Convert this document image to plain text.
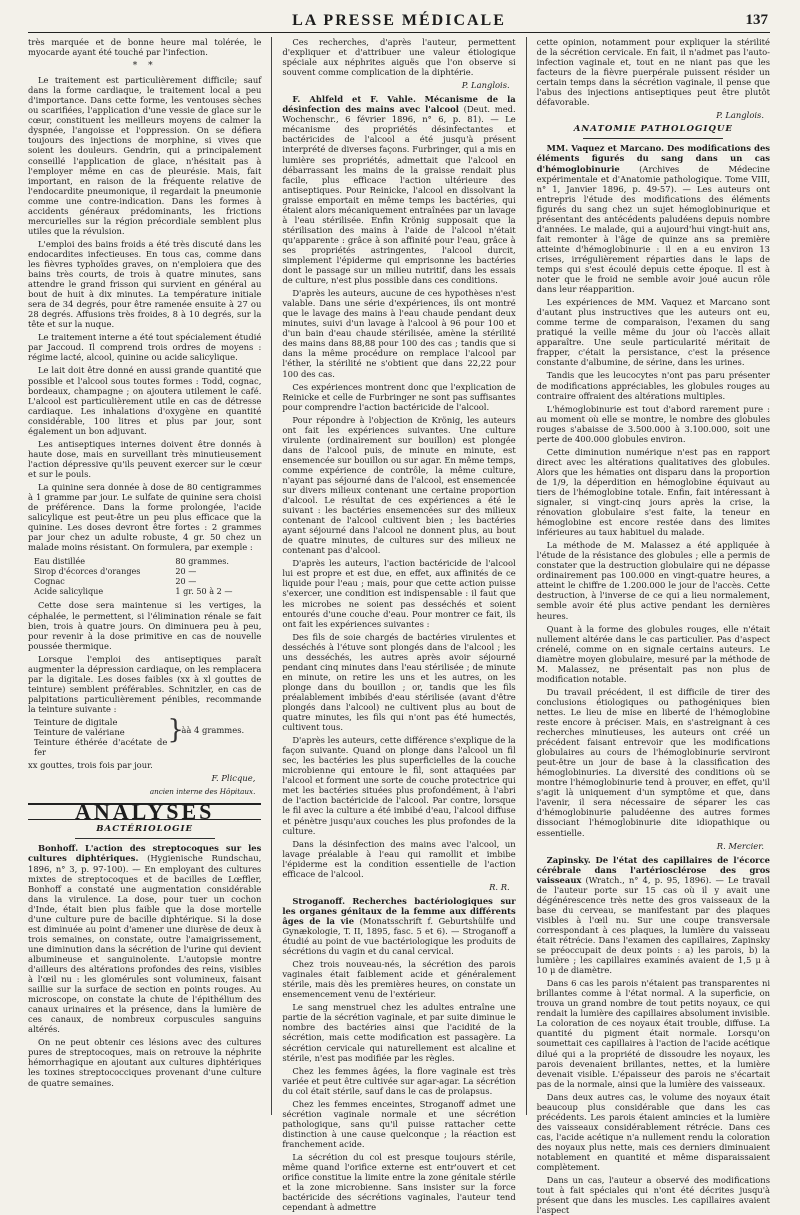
LA PRESSE MÉDICALE	137

très marquée et de bonne heure mal tolérée, le myocarde ayant été touché par l'infection.

* *

Le traitement est particulièrement difficile; sauf dans la forme cardiaque, le traitement local a peu d'importance. Dans cette forme, les ventouses sèches ou scarifiées, l'application d'une vessie de glace sur le cœur, constituent les meilleurs moyens de calmer la dyspnée, l'angoisse et l'oppression. On se défiera toujours des injections de morphine, si vives que soient les douleurs. Gendrin, qui a principalement conseillé l'application de glace, n'hésitait pas à l'employer même en cas de pleurésie. Mais, fait important, en raison de la fréquente relative de l'endocardite pneumonique, il regardait la pneumonie comme une contre-indication. Dans les formes à accidents généraux prédominants, les frictions mercurielles sur la région précordiale semblent plus utiles que la révulsion.

L'emploi des bains froids a été très discuté dans les endocardites infectieuses. En tous cas, comme dans les fièvres typhoïdes graves, on n'emploiera que des bains très courts, de trois à quatre minutes, sans attendre le grand frisson qui survient en général au bout de huit à dix minutes. La température initiale sera de 34 degrés, pour être ramenée ensuite à 27 ou 28 degrés. Affusions très froides, 8 à 10 degrés, sur la tête et sur la nuque.

Le traitement interne a été tout spécialement étudié par Jaccoud. Il comprend trois ordres de moyens : régime lacté, alcool, quinine ou acide salicylique.

Le lait doit être donné en aussi grande quantité que possible et l'alcool sous toutes formes : Todd, cognac, bordeaux, champagne ; on ajoutera utilement le café. L'alcool est particulièrement utile en cas de détresse cardiaque. Les inhalations d'oxygène en quantité considérable, 100 litres et plus par jour, sont également un bon adjuvant.

Les antiseptiques internes doivent être donnés à haute dose, mais en surveillant très minutieusement l'action dépressive qu'ils peuvent exercer sur le cœur et sur le pouls.

La quinine sera donnée à dose de 80 centigrammes à 1 gramme par jour. Le sulfate de quinine sera choisi de préférence. Dans la forme prolongée, l'acide salicylique est peut-être un peu plus efficace que la quinine. Les doses devront être fortes : 2 grammes par jour chez un adulte robuste, 4 gr. 50 chez un malade moins résistant. On formulera, par exemple :

Eau distillée	80 grammes.
Sirop d'écorces d'oranges	20 —
Cognac	20 —
Acide salicylique	1 gr. 50 à 2 —

Cette dose sera maintenue si les vertiges, la céphalée, le permettent, si l'élimination rénale se fait bien, trois à quatre jours. On diminuera peu à peu, pour revenir à la dose primitive en cas de nouvelle poussée thermique.

Lorsque l'emploi des antiseptiques paraît augmenter la dépression cardiaque, on les remplacera par la digitale. Les doses faibles (xx à xl gouttes de teinture) semblent préférables. Schnitzler, en cas de palpitations particulièrement pénibles, recommande la teinture suivante :

Teinture de digitale
Teinture de valériane
Teinture éthérée d'acétate de fer
}
àà 4 grammes.

xx gouttes, trois fois par jour.

F. Plicque,
ancien interne des Hôpitaux.
ANALYSES
BACTÉRIOLOGIE

Bonhoff. L'action des streptocoques sur les cultures diphtériques. (Hygienische Rundschau, 1896, n° 3, p. 97-100). — En employant des cultures mixtes de streptocoques et de bacilles de Lœffler, Bonhoff a constaté une augmentation considérable dans la virulence. La dose, pour tuer un cochon d'Inde, était bien plus faible que la dose mortelle d'une culture pure de bacille diphtérique. Si la dose est diminuée au point d'amener une diurèse de deux à trois semaines, on constate, outre l'amaigrissement, une diminution dans la sécrétion de l'urine qui devient albumineuse et sanguinolente. L'autopsie montre d'ailleurs des altérations profondes des reins, visibles à l'œil nu : les glomérules sont volumineux, faisant saillie sur la surface de section en points rouges. Au microscope, on constate la chute de l'épithélium des canaux urinaires et la présence, dans la lumière de ces canaux, de nombreux corpuscules sanguins altérés.

On ne peut obtenir ces lésions avec des cultures pures de streptocoques, mais on retrouve la néphrite hémorrhagique en ajoutant aux cultures diphtériques les toxines streptococciques provenant d'une culture de quatre semaines.

Ces recherches, d'après l'auteur, permettent d'expliquer et d'attribuer une valeur étiologique spéciale aux néphrites aiguës que l'on observe si souvent comme complication de la diphtérie.

P. Langlois.

F. Ahlfeld et F. Vahle. Mécanisme de la désinfection des mains avec l'alcool (Deut. med. Wochenschr., 6 février 1896, n° 6, p. 81). — Le mécanisme des propriétés désinfectantes et bactéricides de l'alcool a été jusqu'à présent interprété de diverses façons. Furbringer, qui a mis en lumière ses propriétés, admettait que l'alcool en débarrassant les mains de la graisse rendait plus facile, plus efficace l'action ultérieure des antiseptiques. Pour Reinicke, l'alcool en dissolvant la graisse emportait en même temps les bactéries, qui étaient alors mécaniquement entraînées par un lavage à l'eau stérilisée. Enfin Krönig supposait que la stérilisation des mains à l'aide de l'alcool n'était qu'apparente : grâce à son affinité pour l'eau, grâce à ses propriétés astringentes, l'alcool durcit, simplement l'épiderme qui emprisonne les bactéries dont le passage sur un milieu nutritif, dans les essais de culture, n'est plus possible dans ces conditions.

D'après les auteurs, aucune de ces hypothèses n'est valable. Dans une série d'expériences, ils ont montré que le lavage des mains à l'eau chaude pendant deux minutes, suivi d'un lavage à l'alcool à 96 pour 100 et d'un bain d'eau chaude stérilisée, amène la stérilité des mains dans 88,88 pour 100 des cas ; tandis que si dans la même procédure on remplace l'alcool par l'éther, la stérilité ne s'obtient que dans 22,22 pour 100 des cas.

Ces expériences montrent donc que l'explication de Reinicke et celle de Furbringer ne sont pas suffisantes pour comprendre l'action bactéricide de l'alcool.

Pour répondre à l'objection de Krönig, les auteurs ont fait les expériences suivantes. Une culture virulente (ordinairement sur bouillon) est plongée dans de l'alcool puis, de minute en minute, est ensemencée sur bouillon ou sur agar. En même temps, comme expérience de contrôle, la même culture, n'ayant pas séjourné dans de l'alcool, est ensemencée sur divers milieux contenant une certaine proportion d'alcool. Le résultat de ces expériences a été le suivant : les bactéries ensemencées sur des milieux contenant de l'alcool cultivent bien ; les bactéries ayant séjourné dans l'alcool ne donnent plus, au bout de quatre minutes, de cultures sur des milieux ne contenant pas d'alcool.

D'après les auteurs, l'action bactéricide de l'alcool lui est propre et est due, en effet, aux affinités de ce liquide pour l'eau ; mais, pour que cette action puisse s'exercer, une condition est indispensable : il faut que les microbes ne soient pas desséchés et soient entourés d'une couche d'eau. Pour montrer ce fait, ils ont fait les expériences suivantes :

Des fils de soie chargés de bactéries virulentes et desséchés à l'étuve sont plongés dans de l'alcool ; les uns desséchés, les autres après avoir séjourné pendant cinq minutes dans l'eau stérilisée ; de minute en minute, on retire les uns et les autres, on les plonge dans du bouillon ; or, tandis que les fils préalablement imbibés d'eau stérilisée (avant d'être plongés dans l'alcool) ne cultivent plus au bout de quatre minutes, les fils qui n'ont pas été humectés, cultivent tous.

D'après les auteurs, cette différence s'explique de la façon suivante. Quand on plonge dans l'alcool un fil sec, les bactéries les plus superficielles de la couche microbienne qui entoure le fil, sont attaquées par l'alcool et forment une sorte de couche protectrice qui met les bactéries situées plus profondément, à l'abri de l'action bactéricide de l'alcool. Par contre, lorsque le fil avec la culture a été imbibé d'eau, l'alcool diffuse et pénètre jusqu'aux couches les plus profondes de la culture.

Dans la désinfection des mains avec l'alcool, un lavage préalable à l'eau qui ramollit et imbibe l'épiderme est la condition essentielle de l'action efficace de l'alcool.

R. R.

Stroganoff. Recherches bactériologiques sur les organes génitaux de la femme aux différents âges de la vie (Monatsschrift f. Geburtshülfe und Gynækologie, T. II, 1895, fasc. 5 et 6). — Stroganoff a étudié au point de vue bactériologique les produits de sécrétions du vagin et du canal cervical.

Chez trois nouveau-nés, la sécrétion des parois vaginales était faiblement acide et généralement stérile, mais dès les premières heures, on constate un ensemencement venu de l'extérieur.

Le sang menstruel chez les adultes entraîne une partie de la sécrétion vaginale, et par suite diminue le nombre des bactéries ainsi que l'acidité de la sécrétion, mais cette modification est passagère. La sécrétion cervicale qui naturellement est alcaline et stérile, n'est pas modifiée par les règles.

Chez les femmes âgées, la flore vaginale est très variée et peut être cultivée sur agar-agar. La sécrétion du col était stérile, sauf dans le cas de prolapsus.

Chez les femmes enceintes, Stroganoff admet une sécrétion vaginale normale et une sécrétion pathologique, sans qu'il puisse rattacher cette distinction à une cause quelconque ; la réaction est franchement acide.

La sécrétion du col est presque toujours stérile, même quand l'orifice externe est entr'ouvert et cet orifice constitue la limite entre la zone génitale stérile et la zone microbienne. Sans insister sur la force bactéricide des sécrétions vaginales, l'auteur tend cependant à admettre

cette opinion, notamment pour expliquer la stérilité de la sécrétion cervicale. En fait, il n'admet pas l'auto-infection vaginale et, tout en ne niant pas que les facteurs de la fièvre puerpérale puissent résider un certain temps dans la sécrétion vaginale, il pense que l'abus des injections antiseptiques peut être plutôt défavorable.

P. Langlois.
ANATOMIE PATHOLOGIQUE

MM. Vaquez et Marcano. Des modifications des éléments figurés du sang dans un cas d'hémoglobinurie (Archives de Médecine expérimentale et d'Anatomie pathologique. Tome VIII, n° 1, Janvier 1896, p. 49-57). — Les auteurs ont entrepris l'étude des modifications des éléments figurés du sang chez un sujet hémoglobinurique et présentant des antécédents paludéens depuis nombre d'années. Le malade, qui a aujourd'hui vingt-huit ans, fait remonter à l'âge de quinze ans sa première atteinte d'hémoglobinurie : il en a eu environ 13 crises, irrégulièrement réparties dans le laps de temps qui s'est écoulé depuis cette époque. Il est à noter que le froid ne semble avoir joué aucun rôle dans leur réapparition.

Les expériences de MM. Vaquez et Marcano sont d'autant plus instructives que les auteurs ont eu, comme terme de comparaison, l'examen du sang pratiqué la veille même du jour où l'accès allait apparaître. Une seule particularité méritait de frapper, c'était la persistance, c'est la présence constante d'albumine, de sérine, dans les urines.

Tandis que les leucocytes n'ont pas paru présenter de modifications appréciables, les globules rouges au contraire offraient des altérations multiples.

L'hémoglobinurie est tout d'abord rarement pure : au moment où elle se montre, le nombre des globules rouges s'abaisse de 3.500.000 à 3.100.000, soit une perte de 400.000 globules environ.

Cette diminution numérique n'est pas en rapport direct avec les altérations qualitatives des globules. Alors que les hématies ont disparu dans la proportion de 1/9, la déperdition en hémoglobine équivaut au tiers de l'hémoglobine totale. Enfin, fait intéressant à signaler, si vingt-cinq jours après la crise, la rénovation globulaire s'est faite, la teneur en hémoglobine est encore restée dans des limites inférieures au taux habituel du malade.

La méthode de M. Malassez a été appliquée à l'étude de la résistance des globules ; elle a permis de constater que la destruction globulaire qui ne dépasse ordinairement pas 100.000 en vingt-quatre heures, a atteint le chiffre de 1.200.000 le jour de l'accès. Cette destruction, à l'inverse de ce qui a lieu normalement, semble avoir été plus active pendant les dernières heures.

Quant à la forme des globules rouges, elle n'était nullement altérée dans le cas particulier. Pas d'aspect crénelé, comme on en signale certains auteurs. Le diamètre moyen globulaire, mesuré par la méthode de M. Malassez, ne présentait pas non plus de modification notable.

Du travail précédent, il est difficile de tirer des conclusions étiologiques ou pathogéniques bien nettes. Le lieu de mise en liberté de l'hémoglobine reste encore à préciser. Mais, en s'astreignant à ces recherches minutieuses, les auteurs ont créé un précédent faisant entrevoir que les modifications globulaires au cours de l'hémoglobinurie serviront peut-être un jour de base à la classification des hémoglobinuries. La diversité des conditions où se montre l'hémoglobinurie tend à prouver, en effet, qu'il s'agit là uniquement d'un symptôme et que, dans l'avenir, il sera nécessaire de séparer les cas d'hémoglobinurie paludéenne des autres formes dissociant l'hémoglobinurie dite idiopathique ou essentielle.

R. Mercier.

Zapinsky. De l'état des capillaires de l'écorce cérébrale dans l'artériosclérose des gros vaisseaux (Wratch., n° 4, p. 95, 1896). — Le travail de l'auteur porte sur 15 cas où il y avait une dégénérescence très nette des gros vaisseaux de la base du cerveau, se manifestant par des plaques visibles à l'œil nu. Sur une coupe transversale correspondant à ces plaques, la lumière du vaisseau était rétrécie. Dans l'examen des capillaires, Zapinsky se préoccupait de deux points : a) les parois, b) la lumière ; les capillaires examinés avaient de 1,5 μ à 10 μ de diamètre.

Dans 6 cas les parois n'étaient pas transparentes ni brillantes comme à l'état normal. A la superficie, on trouva un grand nombre de tout petits noyaux, ce qui rendait la lumière des capillaires absolument invisible. La coloration de ces noyaux était trouble, diffuse. La quantité du pigment était normale. Lorsqu'on soumettait ces capillaires à l'action de l'acide acétique dilué qui a la propriété de dissoudre les noyaux, les parois devenaient brillantes, nettes, et la lumière devenait visible. L'épaisseur des parois ne s'écartait pas de la normale, ainsi que la lumière des vaisseaux.

Dans deux autres cas, le volume des noyaux était beaucoup plus considérable que dans les cas précédents. Les parois étaient amincies et la lumière des vaisseaux considérablement rétrécie. Dans ces cas, l'acide acétique n'a nullement rendu la coloration des noyaux plus nette, mais ces derniers diminuaient notablement en quantité et même disparaissaient complètement.

Dans un cas, l'auteur a observé des modifications tout à fait spéciales qui n'ont été décrites jusqu'à présent que dans les muscles. Les capillaires avaient l'aspect
